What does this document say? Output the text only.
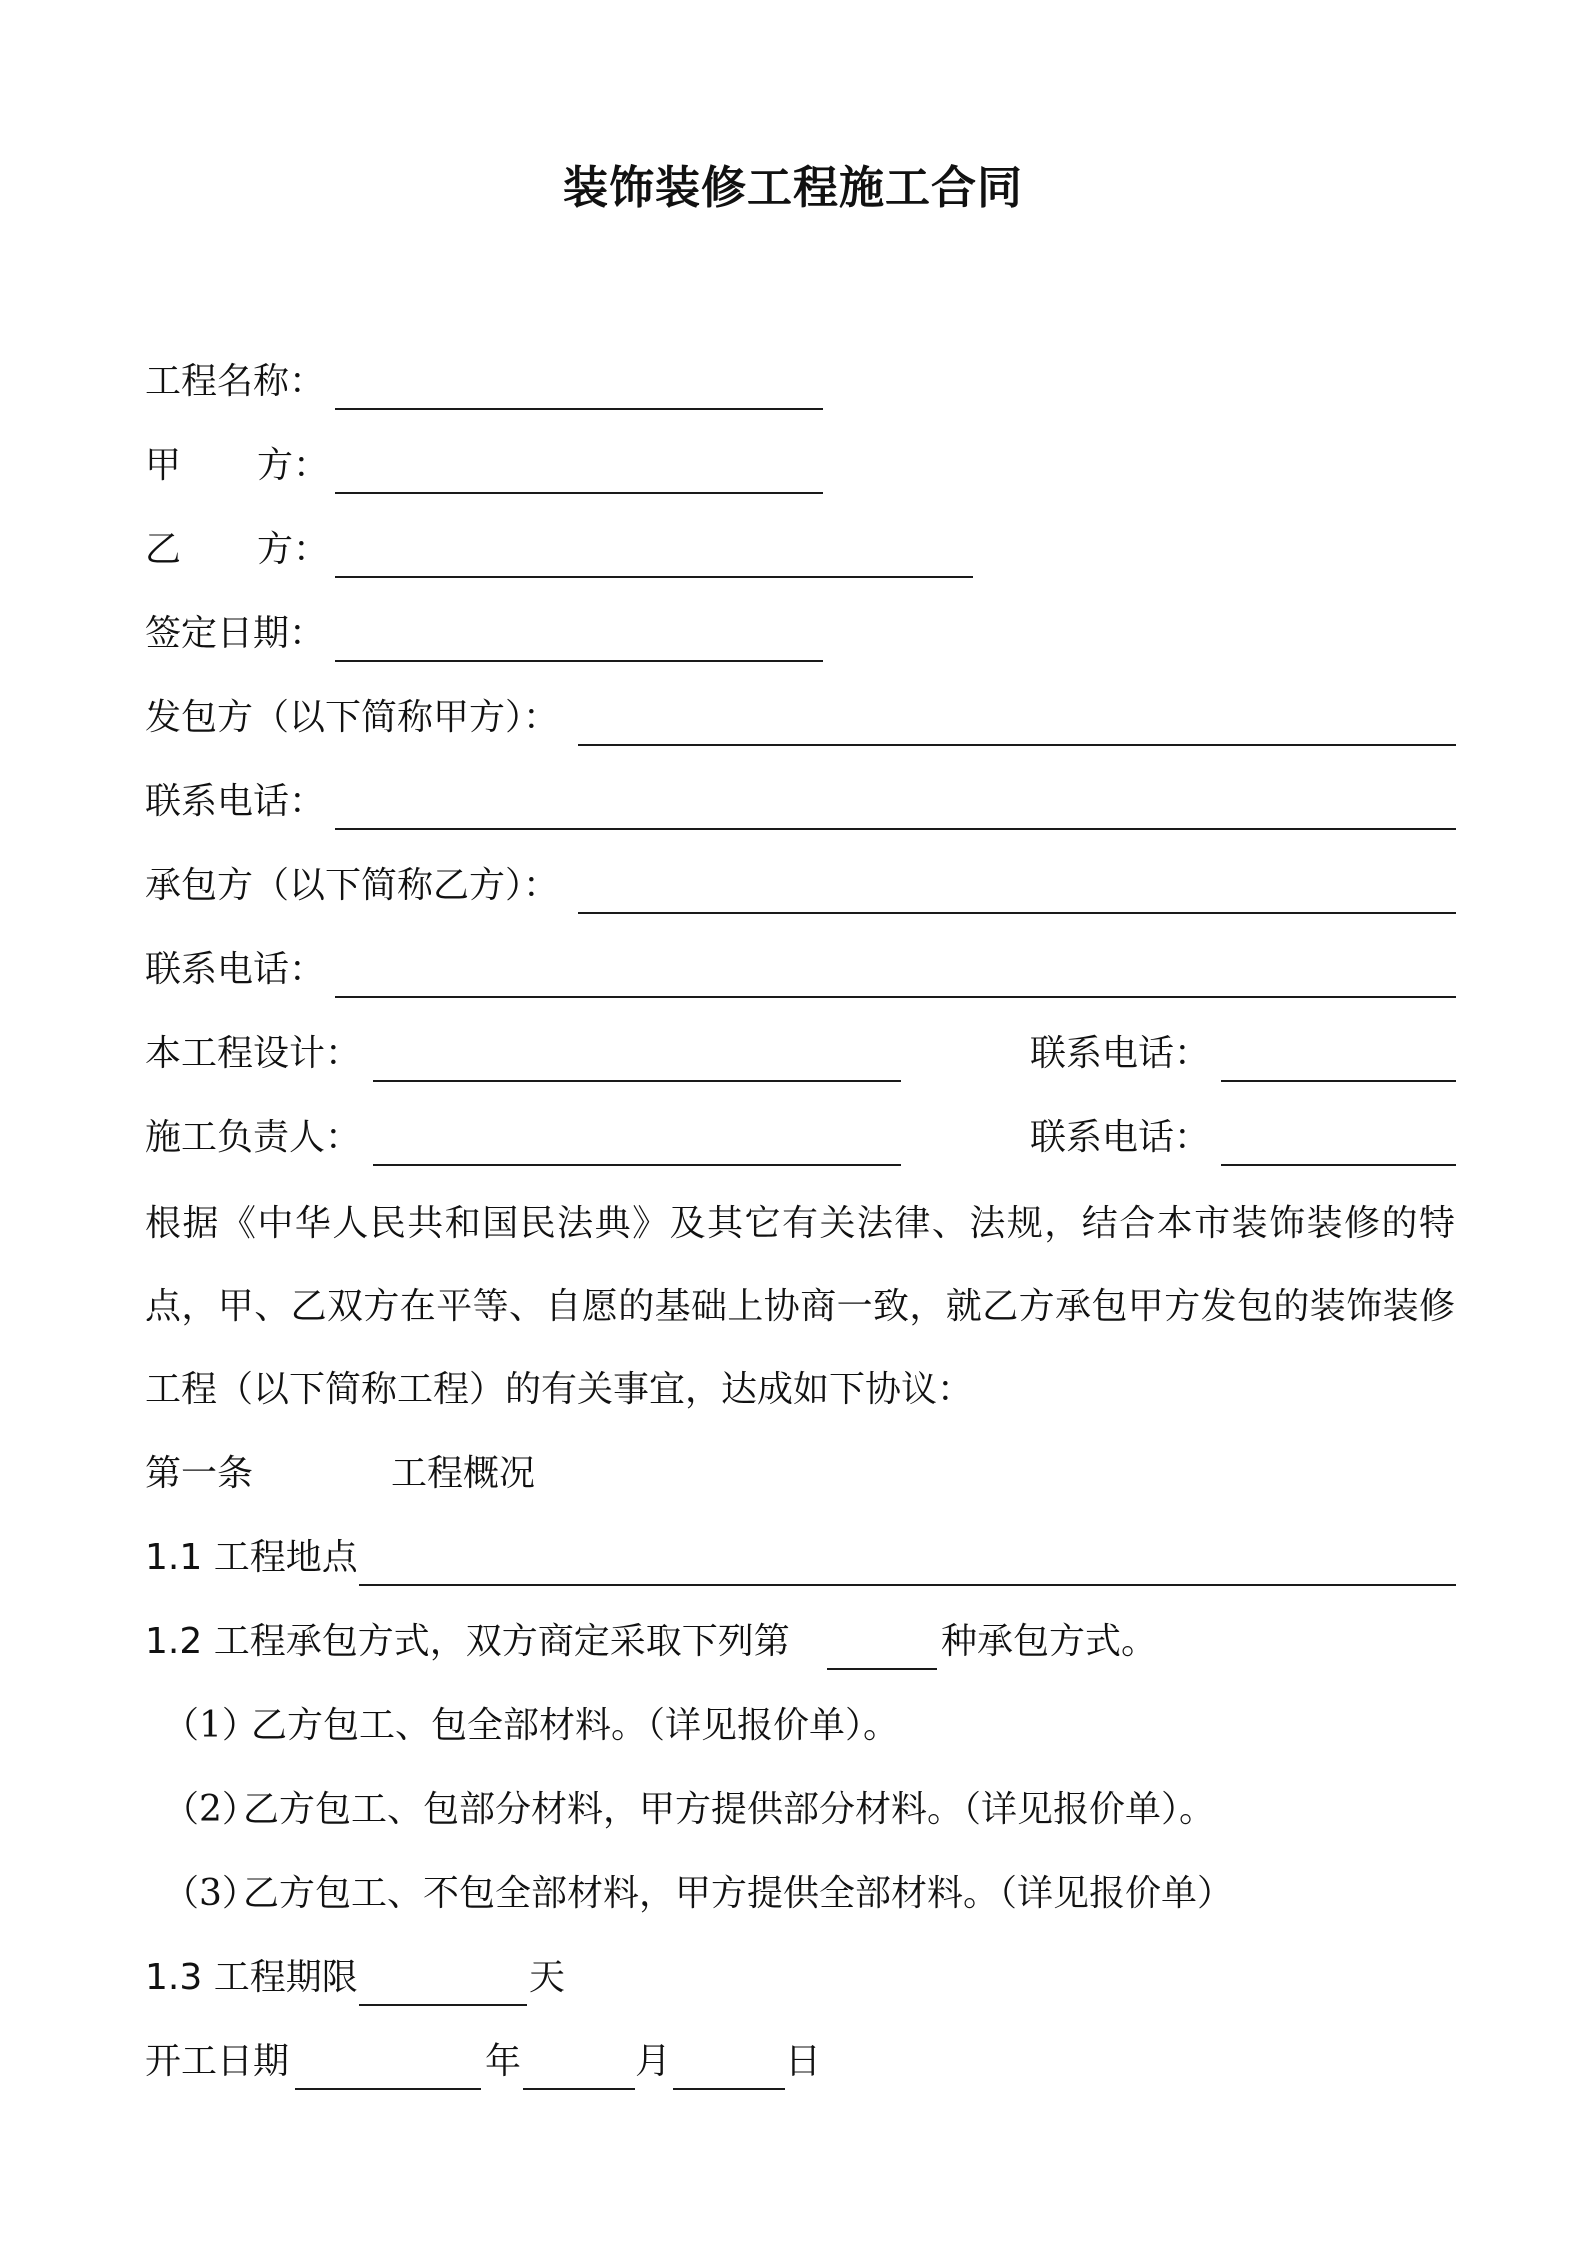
装饰装修工程施工合同
工程名称：
甲 方：
乙 方：
签定日期：
发包方（以下简称甲方）：
联系电话：
承包方（以下简称乙方）：
联系电话：
本工程设计：	联系电话：
施工负责人：	联系电话：
根据《中华人民共和国民法典》及其它有关法律、法规，结合本市装饰装修的特点，甲、乙双方在平等、自愿的基础上协商一致，就乙方承包甲方发包的装饰装修工程（以下简称工程）的有关事宜，达成如下协议：
第一条	工程概况
1.1 工程地点
1.2 工程承包方式，双方商定采取下列第	种承包方式。
（1）
乙方包工、包全部材料。（详见报价单）。
（2）
乙方包工、包部分材料，甲方提供部分材料。（详见报价单）。
（3）
乙方包工、不包全部材料，甲方提供全部材料。（详见报价单）
1.3 工程期限	天
开工日期	年	月	日
